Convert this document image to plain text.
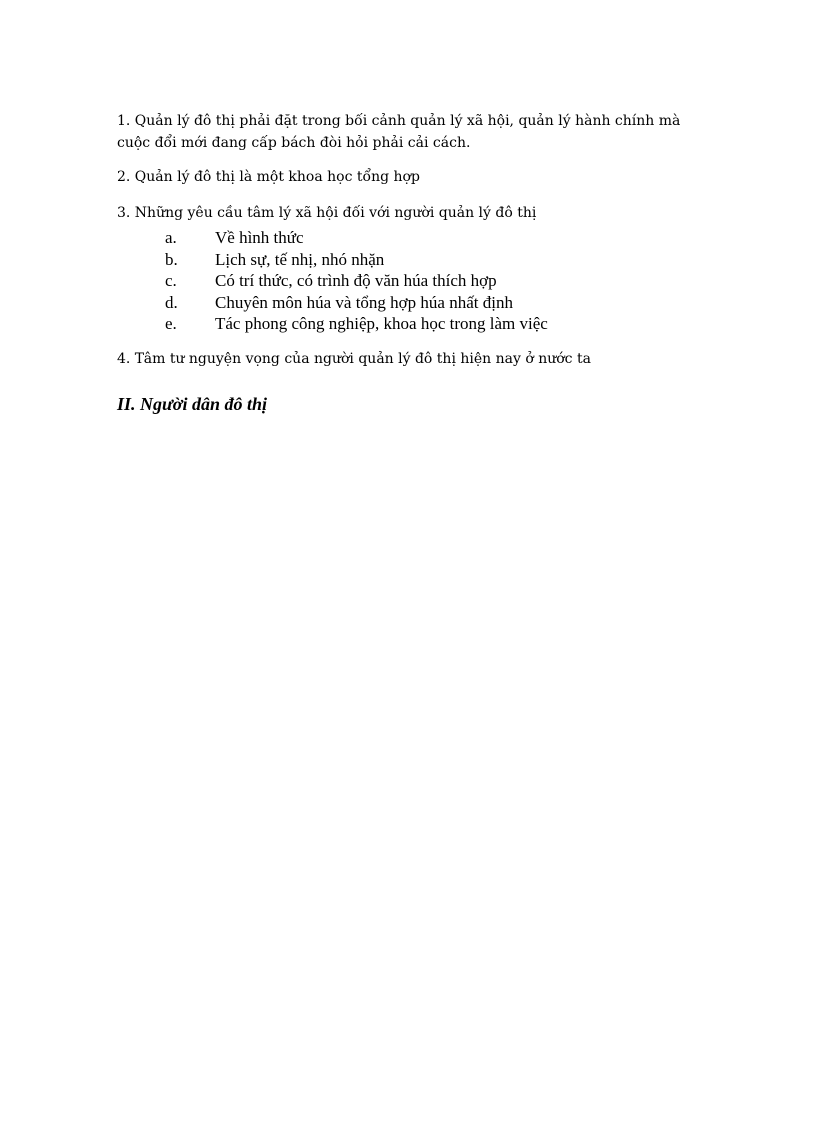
1. Quản lý đô thị phải đặt trong bối cảnh quản lý xã hội, quản lý hành chính mà cuộc đổi mới đang cấp bách đòi hỏi phải cải cách.

2. Quản lý đô thị là một khoa học tổng hợp

3. Những yêu cầu tâm lý xã hội đối với người quản lý đô thị

a.	Về hình thức
b.	Lịch sự, tế nhị, nhó nhặn
c.	Có trí thức, có trình độ văn húa thích hợp
d.	Chuyên môn húa và tổng hợp húa nhất định
e.	Tác phong công nghiệp, khoa học trong làm việc

4. Tâm tư nguyện vọng của người quản lý đô thị hiện nay ở nước ta

II. Người dân đô thị
